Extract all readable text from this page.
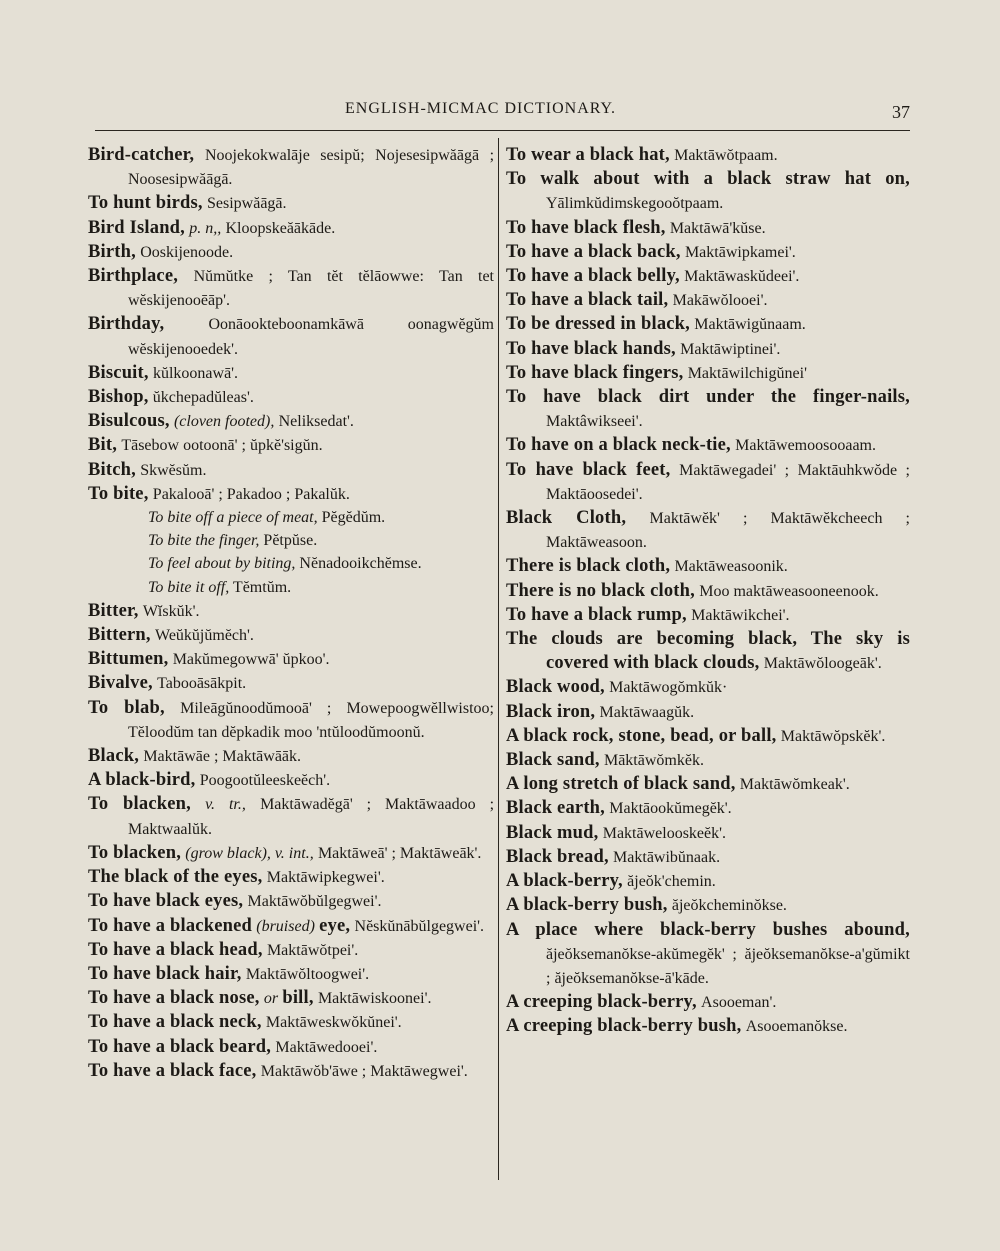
ENGLISH-MICMAC DICTIONARY.	37
Bird-catcher, Noojekokwalāje sesipŭ; Nojesesipwăāgā ; Noosesipwăāgā.
To hunt birds, Sesipwăāgā.
Bird Island, p. n,, Kloopskeăākāde.
Birth, Ooskijenoode.
Birthplace, Nŭmŭtke ; Tan tĕt tĕlāowwe: Tan tet wĕskijenooēāp'.
Birthday,	Oonāookteboonamkāwā oonagwĕgŭm wĕskijenooedek'.
Biscuit, kŭlkoonawā'.
Bishop, ŭkchepadŭleas'.
Bisulcous, (cloven footed), Neliksedat'.
Bit, Tāsebow ootoonā' ; ŭpkĕ'sigŭn.
Bitch, Skwĕsŭm.
To bite, Pakalooā' ; Pakadoo ; Pakalŭk.
To bite off a piece of meat, Pĕgĕdŭm.
To bite the finger, Pĕtpŭse.
To feel about by biting, Nĕnadooikchĕmse.
To bite it off, Tĕmtŭm.
Bitter, Wĭskŭk'.
Bittern, Weŭkŭjŭmĕch'.
Bittumen, Makŭmegowwā' ŭpkoo'.
Bivalve, Tabooāsākpit.
To blab, Mileāgŭnoodŭmooā' ; Mowepoogwĕllwistoo; Tĕloodŭm tan dĕpkadik moo 'ntŭloodŭmoonŭ.
Black, Maktāwāe ; Maktāwāāk.
A black-bird, Poogootŭleeskeĕch'.
To blacken, v. tr., Maktāwadĕgā' ; Maktāwaadoo ; Maktwaalŭk.
To blacken, (grow black), v. int., Maktāweā' ; Maktāweāk'.
The black of the eyes, Maktāwipkegwei'.
To have black eyes, Maktāwŏbŭlgegwei'.
To have a blackened (bruised) eye, Nĕskŭnābŭlgegwei'.
To have a black head, Maktāwŏtpei'.
To have black hair, Maktāwŏltoogwei'.
To have a black nose, or bill, Maktāwiskoonei'.
To have a black neck, Maktāweskwŏkŭnei'.
To have a black beard, Maktāwedooei'.
To have a black face, Maktāwŏb'āwe ; Maktāwegwei'.
To wear a black hat, Maktāwŏtpaam.
To walk about with a black straw hat on, Yālimkŭdimskegooŏtpaam.
To have black flesh, Maktāwā'kŭse.
To have a black back, Maktāwipkamei'.
To have a black belly, Maktāwaskŭdeei'.
To have a black tail, Makāwŏlooei'.
To be dressed in black, Maktāwigŭnaam.
To have black hands, Maktāwiptinei'.
To have black fingers, Maktāwilchigŭnei'
To have black dirt under the finger-nails, Maktâwikseei'.
To have on a black neck-tie, Maktāwemoosooaam.
To have black feet, Maktāwegadei' ; Maktāuhkwŏde ; Maktāoosedei'.
Black Cloth, Maktāwĕk' ; Maktāwĕkcheech ; Maktāweasoon.
There is black cloth, Maktāweasoonik.
There is no black cloth, Moo maktāweasooneenook.
To have a black rump, Maktāwikchei'.
The clouds are becoming black, The sky is covered with black clouds, Maktāwŏloogeāk'.
Black wood, Maktāwogŏmkŭk·
Black iron, Maktāwaagŭk.
A black rock, stone, bead, or ball, Maktāwŏpskĕk'.
Black sand, Māktāwŏmkĕk.
A long stretch of black sand, Maktāwŏmkeak'.
Black earth, Maktāookŭmegĕk'.
Black mud, Maktāwelooskeĕk'.
Black bread, Maktāwibŭnaak.
A black-berry, ăjeŏk'chemin.
A black-berry bush, ăjeŏkcheminŏkse.
A place where black-berry bushes abound, ăjeŏksemanŏkse-akŭmegĕk' ; ăjeŏksemanŏkse-a'gŭmikt ; ăjeŏksemanŏkse-ā'kāde.
A creeping black-berry, Asooeman'.
A creeping black-berry bush, Asooemanŏkse.
